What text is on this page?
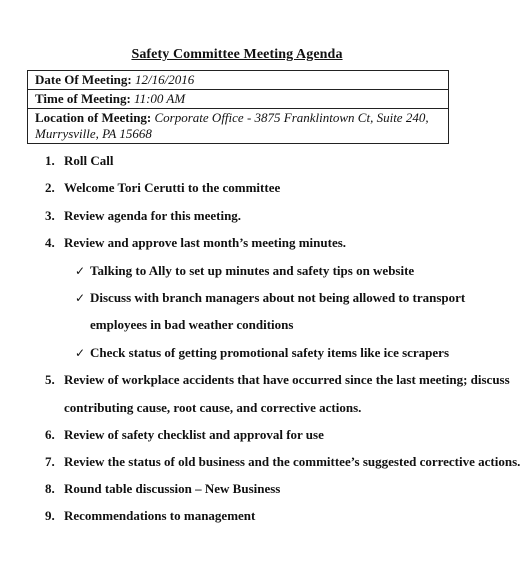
Safety Committee Meeting Agenda
Date Of Meeting: 12/16/2016
Time of Meeting: 11:00 AM
Location of Meeting: Corporate Office - 3875 Franklintown Ct, Suite 240, Murrysville, PA 15668
1. Roll Call
2. Welcome Tori Cerutti to the committee
3. Review agenda for this meeting.
4. Review and approve last month’s meeting minutes.
✓ Talking to Ally to set up minutes and safety tips on website
✓ Discuss with branch managers about not being allowed to transport
employees in bad weather conditions
✓ Check status of getting promotional safety items like ice scrapers
5. Review of workplace accidents that have occurred since the last meeting; discuss
contributing cause, root cause, and corrective actions.
6. Review of safety checklist and approval for use
7. Review the status of old business and the committee’s suggested corrective actions.
8. Round table discussion – New Business
9. Recommendations to management
